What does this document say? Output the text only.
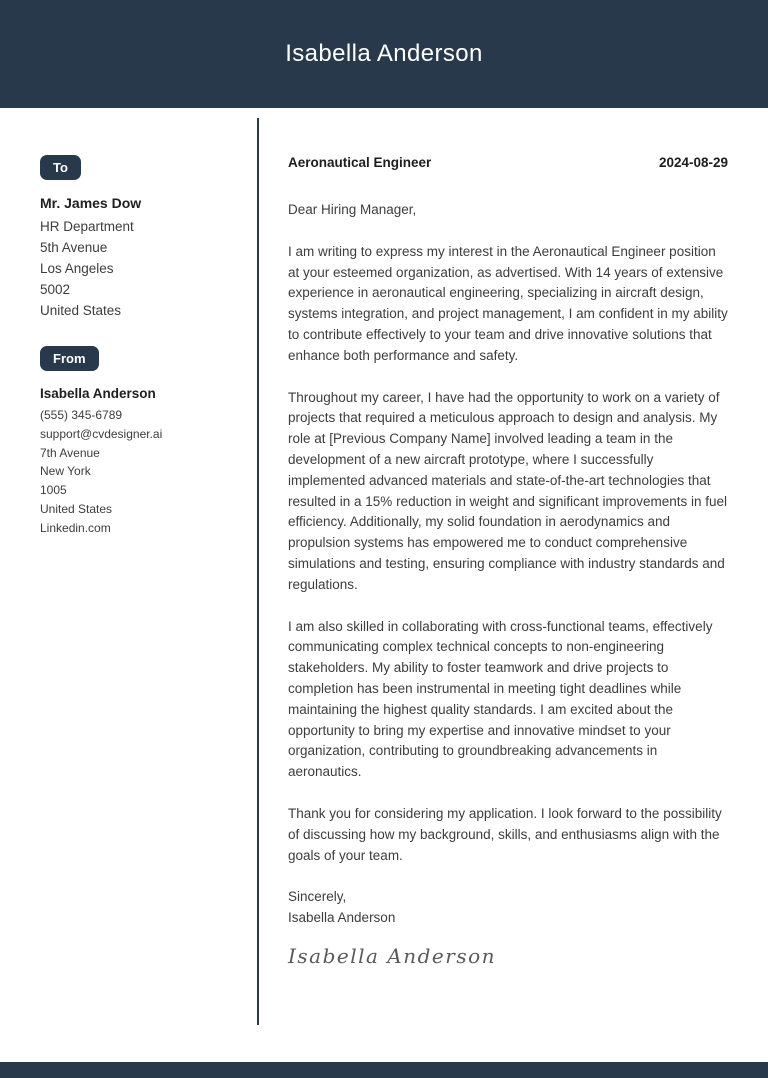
Isabella Anderson
To
Mr. James Dow
HR Department
5th Avenue
Los Angeles
5002
United States
From
Isabella Anderson
(555) 345-6789
support@cvdesigner.ai
7th Avenue
New York
1005
United States
Linkedin.com
Aeronautical Engineer	2024-08-29

Dear Hiring Manager,

I am writing to express my interest in the Aeronautical Engineer position at your esteemed organization, as advertised. With 14 years of extensive experience in aeronautical engineering, specializing in aircraft design, systems integration, and project management, I am confident in my ability to contribute effectively to your team and drive innovative solutions that enhance both performance and safety.

Throughout my career, I have had the opportunity to work on a variety of projects that required a meticulous approach to design and analysis. My role at [Previous Company Name] involved leading a team in the development of a new aircraft prototype, where I successfully implemented advanced materials and state-of-the-art technologies that resulted in a 15% reduction in weight and significant improvements in fuel efficiency. Additionally, my solid foundation in aerodynamics and propulsion systems has empowered me to conduct comprehensive simulations and testing, ensuring compliance with industry standards and regulations.

I am also skilled in collaborating with cross-functional teams, effectively communicating complex technical concepts to non-engineering stakeholders. My ability to foster teamwork and drive projects to completion has been instrumental in meeting tight deadlines while maintaining the highest quality standards. I am excited about the opportunity to bring my expertise and innovative mindset to your organization, contributing to groundbreaking advancements in aeronautics.

Thank you for considering my application. I look forward to the possibility of discussing how my background, skills, and enthusiasms align with the goals of your team.

Sincerely,
Isabella Anderson
Isabella Anderson
